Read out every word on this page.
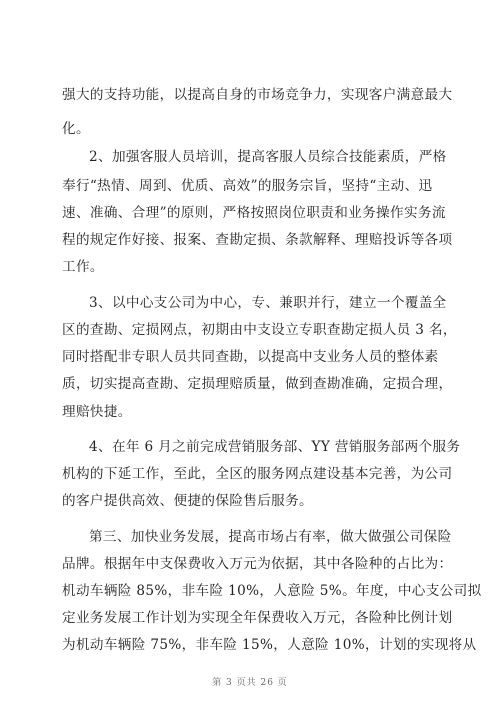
强大的支持功能，以提高自身的市场竞争力，实现客户满意最大
化。
2、加强客服人员培训，提高客服人员综合技能素质，严格
奉行“热情、周到、优质、高效”的服务宗旨，坚持“主动、迅
速、准确、合理”的原则，严格按照岗位职责和业务操作实务流
程的规定作好接、报案、查勘定损、条款解释、理赔投诉等各项
工作。
3、以中心支公司为中心，专、兼职并行，建立一个覆盖全
区的查勘、定损网点，初期由中支设立专职查勘定损人员 3 名，
同时搭配非专职人员共同查勘，以提高中支业务人员的整体素
质，切实提高查勘、定损理赔质量，做到查勘准确，定损合理，
理赔快捷。
4、在年 6 月之前完成营销服务部、YY 营销服务部两个服务
机构的下延工作，至此，全区的服务网点建设基本完善，为公司
的客户提供高效、便捷的保险售后服务。
第三、加快业务发展，提高市场占有率，做大做强公司保险
品牌。根据年中支保费收入万元为依据，其中各险种的占比为：
机动车辆险 85%，非车险 10%，人意险 5%。年度，中心支公司拟
定业务发展工作计划为实现全年保费收入万元，各险种比例计划
为机动车辆险 75%，非车险 15%，人意险 10%，计划的实现将从
第 3 页共 26 页
